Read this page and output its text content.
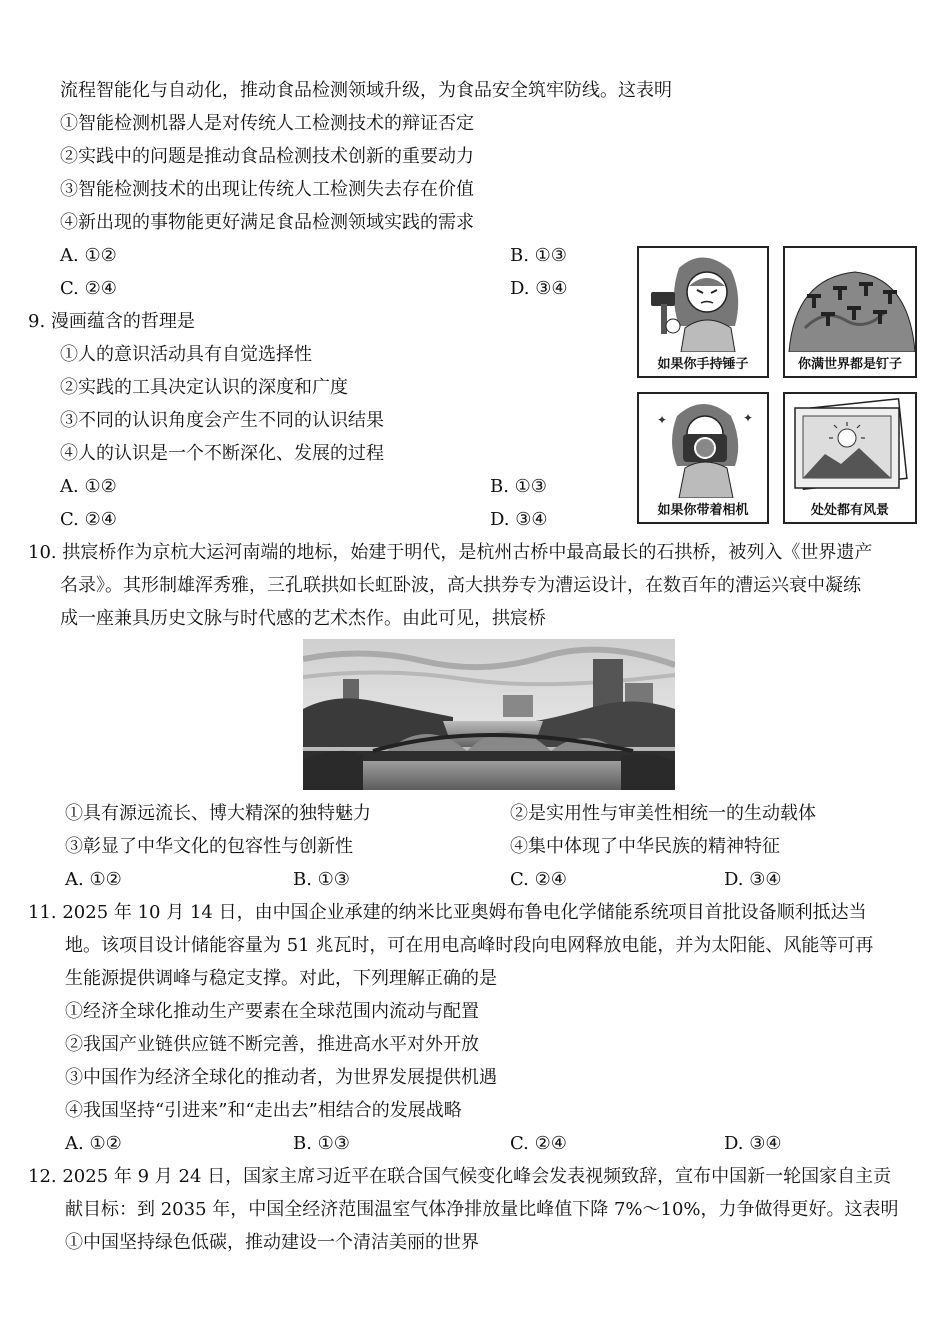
流程智能化与自动化，推动食品检测领域升级，为食品安全筑牢防线。这表明
①智能检测机器人是对传统人工检测技术的辩证否定
②实践中的问题是推动食品检测技术创新的重要动力
③智能检测技术的出现让传统人工检测失去存在价值
④新出现的事物能更好满足食品检测领域实践的需求
A. ①②	B. ①③
C. ②④	D. ③④
9. 漫画蕴含的哲理是
①人的意识活动具有自觉选择性
②实践的工具决定认识的深度和广度
③不同的认识角度会产生不同的认识结果
④人的认识是一个不断深化、发展的过程
A. ①②	B. ①③
C. ②④	D. ③④
如果你手持锤子	你满世界都是钉子
✦	✦
如果你带着相机	处处都有风景
10. 拱宸桥作为京杭大运河南端的地标，始建于明代，是杭州古桥中最高最长的石拱桥，被列入《世界遗产
名录》。其形制雄浑秀雅，三孔联拱如长虹卧波，高大拱券专为漕运设计，在数百年的漕运兴衰中凝练
成一座兼具历史文脉与时代感的艺术杰作。由此可见，拱宸桥
①具有源远流长、博大精深的独特魅力	②是实用性与审美性相统一的生动载体
③彰显了中华文化的包容性与创新性	④集中体现了中华民族的精神特征
A. ①②	B. ①③	C. ②④	D. ③④
11. 2025 年 10 月 14 日，由中国企业承建的纳米比亚奥姆布鲁电化学储能系统项目首批设备顺利抵达当
地。该项目设计储能容量为 51 兆瓦时，可在用电高峰时段向电网释放电能，并为太阳能、风能等可再
生能源提供调峰与稳定支撑。对此，下列理解正确的是
①经济全球化推动生产要素在全球范围内流动与配置
②我国产业链供应链不断完善，推进高水平对外开放
③中国作为经济全球化的推动者，为世界发展提供机遇
④我国坚持“引进来”和“走出去”相结合的发展战略
A. ①②	B. ①③	C. ②④	D. ③④
12. 2025 年 9 月 24 日，国家主席习近平在联合国气候变化峰会发表视频致辞，宣布中国新一轮国家自主贡
献目标：到 2035 年，中国全经济范围温室气体净排放量比峰值下降 7%～10%，力争做得更好。这表明
①中国坚持绿色低碳，推动建设一个清洁美丽的世界
